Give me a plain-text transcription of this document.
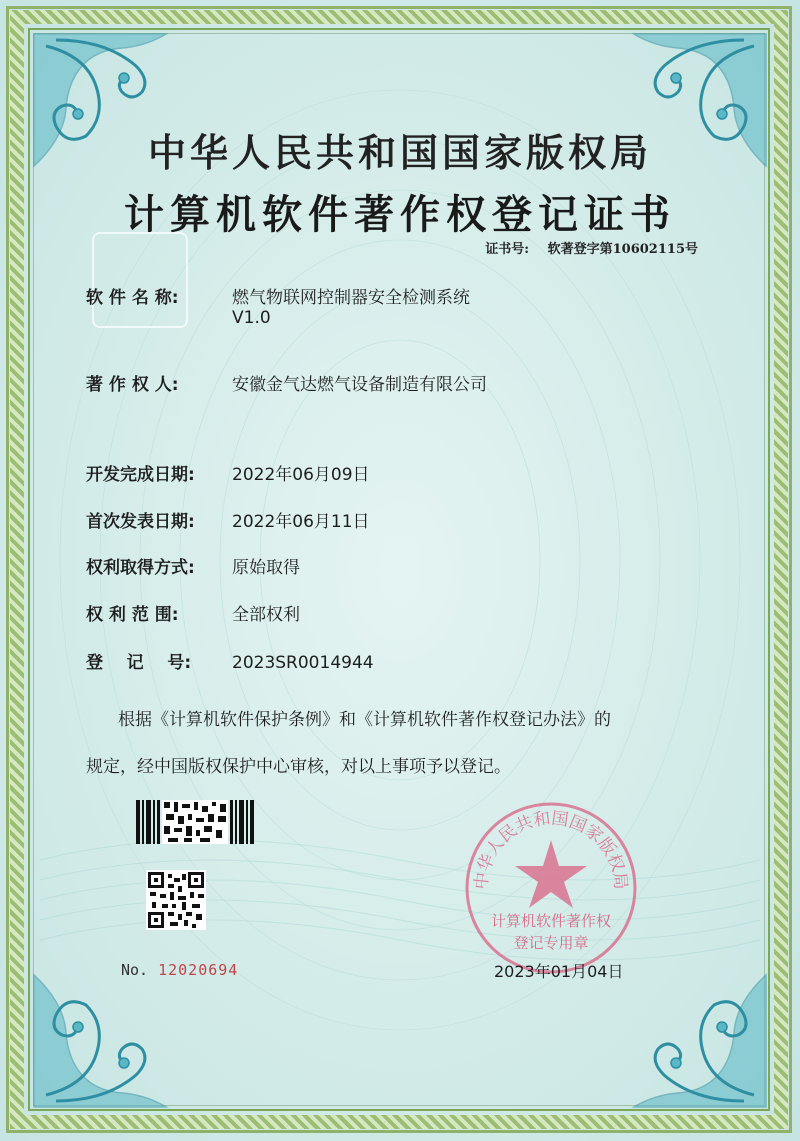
中华人民共和国国家版权局
计算机软件著作权登记证书
证书号: 软著登字第10602115号
软 件 名 称:	燃气物联网控制器安全检测系统
V1.0
著 作 权 人:	安徽金气达燃气设备制造有限公司
开发完成日期: 2022年06月09日
首次发表日期: 2022年06月11日
权利取得方式: 原始取得
权 利 范 围:	全部权利
登    记    号: 2023SR0014944
根据《计算机软件保护条例》和《计算机软件著作权登记办法》的
规定，经中国版权保护中心审核，对以上事项予以登记。
中华人民共和国国家版权局
计算机软件著作权
登记专用章
No. 12020694	2023年01月04日
